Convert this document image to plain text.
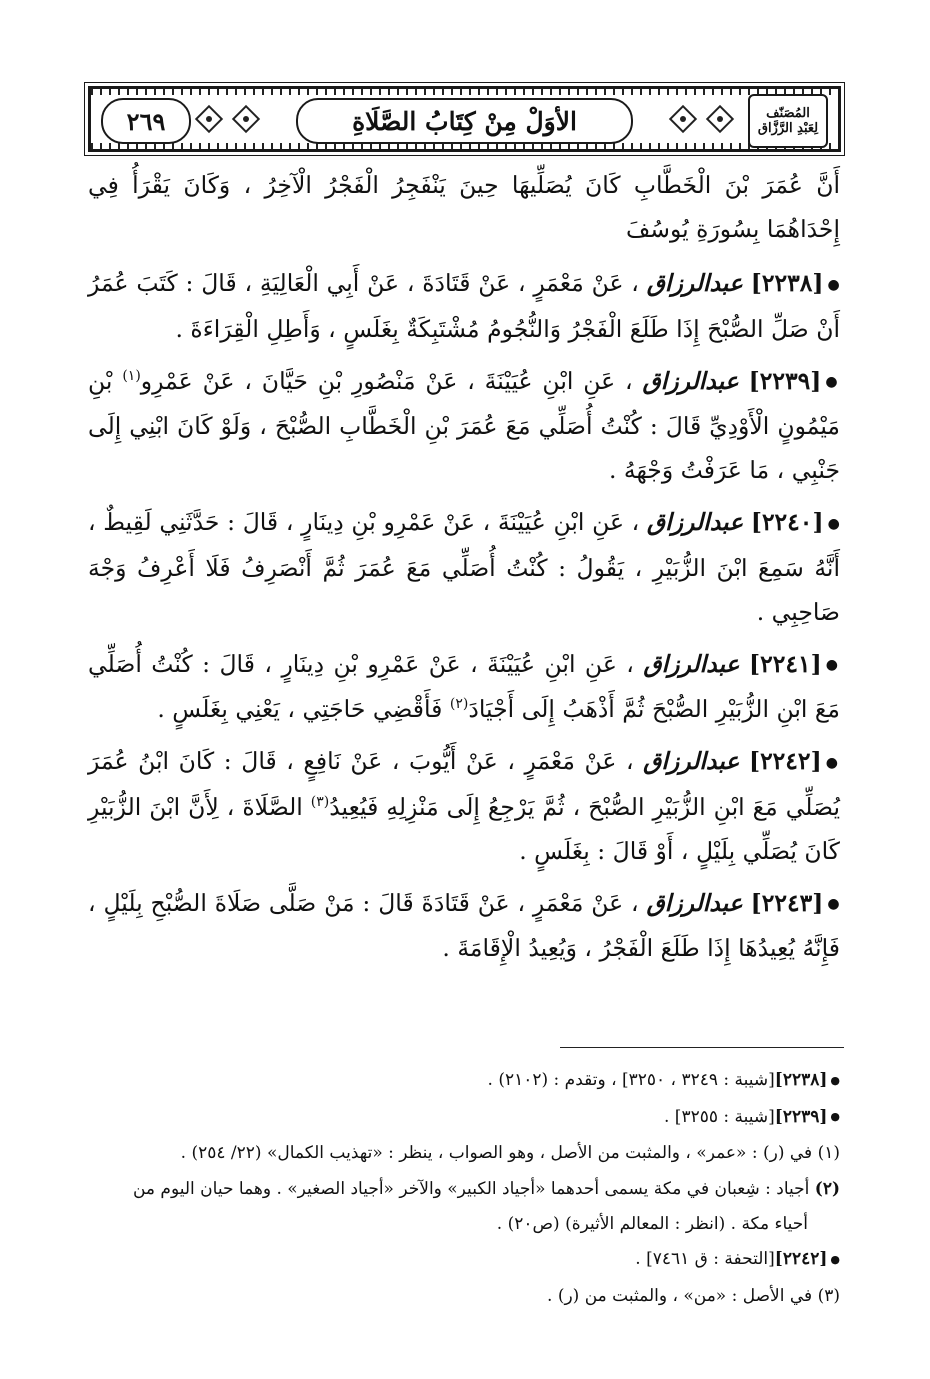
٢٦٩	الأوَلْ مِنْ كِتَابُ الصَّلَاةِ	المُصَنّف
لِعَبْدِ الرَّزَّاق

أَنَّ عُمَرَ بْنَ الْخَطَّابِ كَانَ يُصَلِّيهَا حِينَ يَنْفَجِرُ الْفَجْرُ الْآخِرُ ، وَكَانَ يَقْرَأُ فِي إِحْدَاهُمَا بِسُورَةِ يُوسُفَ

●[٢٢٣٨] عبدالرزاق ، عَنْ مَعْمَرٍ ، عَنْ قَتَادَةَ ، عَنْ أَبِي الْعَالِيَةِ ، قَالَ : كَتَبَ عُمَرُ أَنْ صَلِّ الصُّبْحَ إِذَا طَلَعَ الْفَجْرُ وَالنُّجُومُ مُشْتَبِكَةٌ بِغَلَسٍ ، وَأَطِلِ الْقِرَاءَةَ .

●[٢٢٣٩] عبدالرزاق ، عَنِ ابْنِ عُيَيْنَةَ ، عَنْ مَنْصُورِ بْنِ حَيَّانَ ، عَنْ عَمْرِو$^{(١)}$ بْنِ مَيْمُونٍ الْأَوْدِيِّ قَالَ : كُنْتُ أُصَلِّي مَعَ عُمَرَ بْنِ الْخَطَّابِ الصُّبْحَ ، وَلَوْ كَانَ ابْنِي إِلَى جَنْبِي ، مَا عَرَفْتُ وَجْهَهُ .

●[٢٢٤٠] عبدالرزاق ، عَنِ ابْنِ عُيَيْنَةَ ، عَنْ عَمْرِو بْنِ دِينَارٍ ، قَالَ : حَدَّثَنِي لَقِيطٌ ، أَنَّهُ سَمِعَ ابْنَ الزُّبَيْرِ ، يَقُولُ : كُنْتُ أُصَلِّي مَعَ عُمَرَ ثُمَّ أَنْصَرِفُ فَلَا أَعْرِفُ وَجْهَ صَاحِبِي .

●[٢٢٤١] عبدالرزاق ، عَنِ ابْنِ عُيَيْنَةَ ، عَنْ عَمْرِو بْنِ دِينَارٍ ، قَالَ : كُنْتُ أُصَلِّي مَعَ ابْنِ الزُّبَيْرِ الصُّبْحَ ثُمَّ أَذْهَبُ إِلَى أَجْيَادَ$^{(٢)}$ فَأَقْضِي حَاجَتِي ، يَعْنِي بِغَلَسٍ .

●[٢٢٤٢] عبدالرزاق ، عَنْ مَعْمَرٍ ، عَنْ أَيُّوبَ ، عَنْ نَافِعٍ ، قَالَ : كَانَ ابْنُ عُمَرَ يُصَلِّي مَعَ ابْنِ الزُّبَيْرِ الصُّبْحَ ، ثُمَّ يَرْجِعُ إِلَى مَنْزِلِهِ فَيُعِيدُ$^{(٣)}$ الصَّلَاةَ ، لِأَنَّ ابْنَ الزُّبَيْرِ كَانَ يُصَلِّي بِلَيْلٍ ، أَوْ قَالَ : بِغَلَسٍ .

●[٢٢٤٣] عبدالرزاق ، عَنْ مَعْمَرٍ ، عَنْ قَتَادَةَ قَالَ : مَنْ صَلَّى صَلَاةَ الصُّبْحِ بِلَيْلٍ ، فَإِنَّهُ يُعِيدُهَا إِذَا طَلَعَ الْفَجْرُ ، وَيُعِيدُ الْإِقَامَةَ .

●[٢٢٣٨][شيبة : ٣٢٤٩ ، ٣٢٥٠] ، وتقدم : (٢١٠٢) .

●[٢٢٣٩][شيبة : ٣٢٥٥] .

(١) في (ر) : «عمر» ، والمثبت من الأصل ، وهو الصواب ، ينظر : «تهذيب الكمال» (٢٢/ ٢٥٤) .

(٢) أجياد : شِعبان في مكة يسمى أحدهما «أجياد الكبير» والآخر «أجياد الصغير» . وهما حيان اليوم من
أحياء مكة . (انظر : المعالم الأثيرة) (ص٢٠) .

●[٢٢٤٢][التحفة : ق ٧٤٦١] .

(٣) في الأصل : «من» ، والمثبت من (ر) .
